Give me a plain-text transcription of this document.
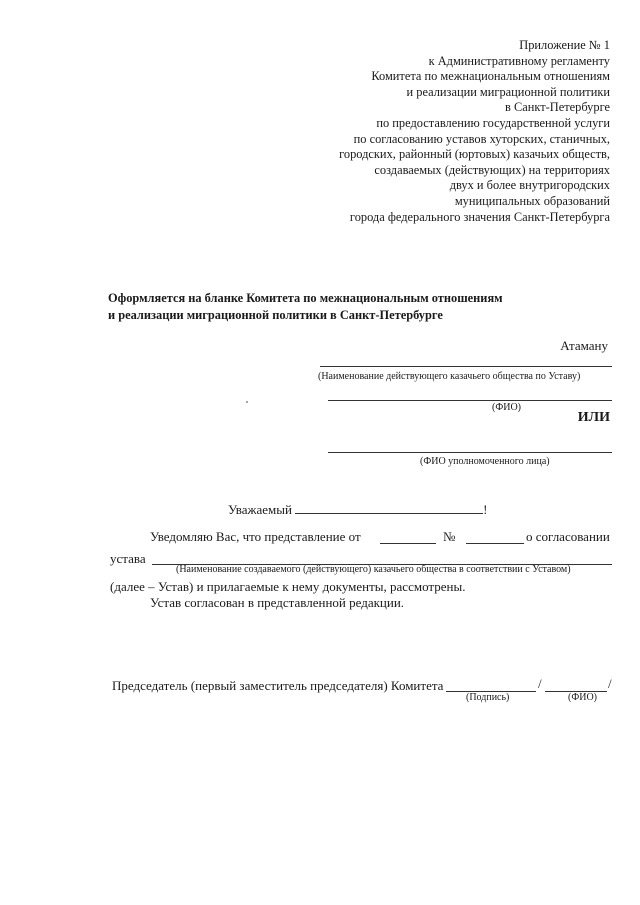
Приложение № 1
к Административному регламенту
Комитета по межнациональным отношениям
и реализации миграционной политики
в Санкт-Петербурге
по предоставлению государственной услуги
по согласованию уставов хуторских, станичных,
городских, районный (юртовых) казачьих обществ,
создаваемых (действующих) на территориях
двух и более внутригородских
муниципальных образований
города федерального значения Санкт-Петербурга
Оформляется на бланке Комитета по межнациональным отношениям
и реализации миграционной политики в Санкт-Петербурге
Атаману
(Наименование действующего казачьего общества по Уставу)
(ФИО)
ИЛИ
(ФИО уполномоченного лица)
Уважаемый	!
Уведомляю Вас, что представление от	№	о согласовании
устава
(Наименование создаваемого (действующего) казачьего общества в соответствии с Уставом)
(далее – Устав) и прилагаемые к нему документы, рассмотрены.
Устав согласован в представленной редакции.
Председатель (первый заместитель председателя) Комитета	/	/
(Подпись)	(ФИО)
